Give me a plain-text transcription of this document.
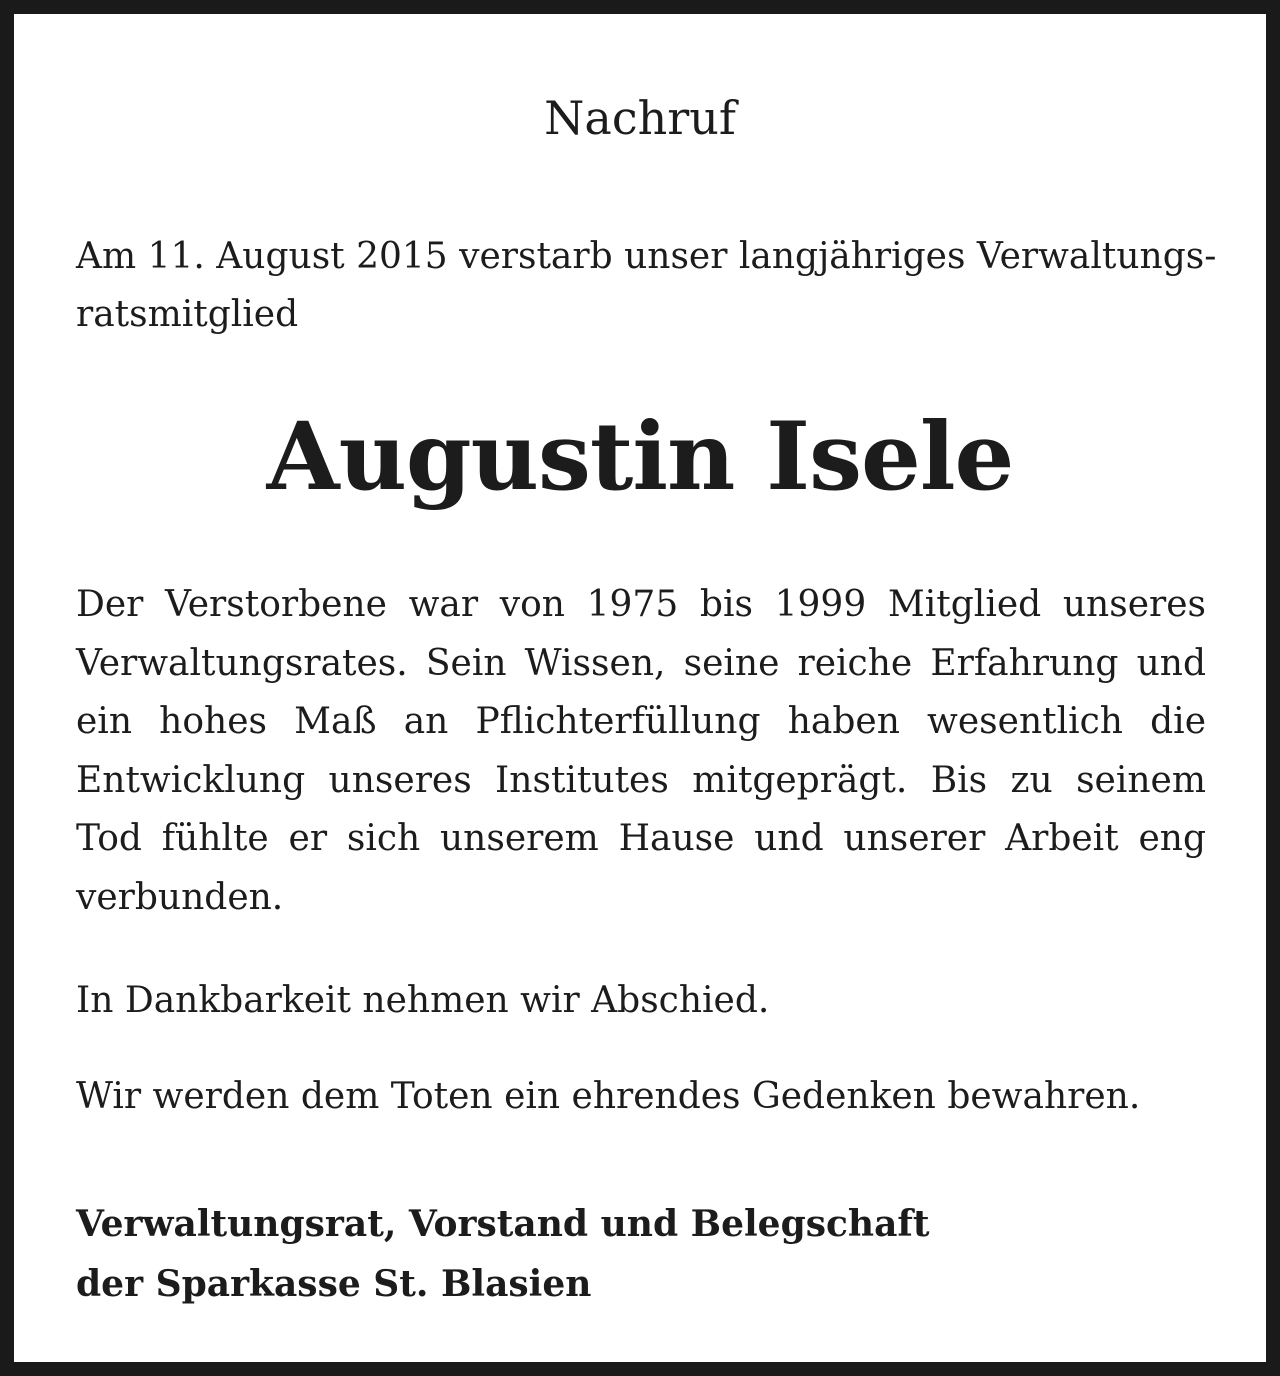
Nachruf
Am 11. August 2015 verstarb unser langjähriges Verwaltungs-
ratsmitglied
Augustin Isele
Der Verstorbene war von 1975 bis 1999 Mitglied unseres Verwaltungsrates. Sein Wissen, seine reiche Erfahrung und ein hohes Maß an Pflichterfüllung haben wesentlich die Entwicklung unseres Institutes mitgeprägt. Bis zu seinem Tod fühlte er sich unserem Hause und unserer Arbeit eng verbunden.
In Dankbarkeit nehmen wir Abschied.
Wir werden dem Toten ein ehrendes Gedenken bewahren.
Verwaltungsrat, Vorstand und Belegschaft
der Sparkasse St. Blasien
